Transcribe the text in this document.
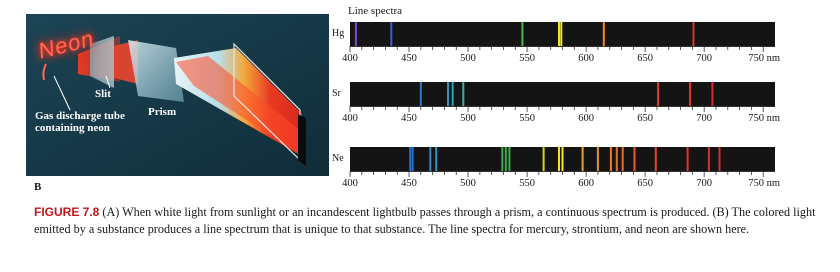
Neon
Slit
Prism
Gas discharge tube
containing neon
B
Line spectra
Hg
400	450	500	550	600	650	700	750 nm
Sr
400	450	500	550	600	650	700	750 nm
Ne
400	450	500	550	600	650	700	750 nm
FIGURE 7.8 (A) When white light from sunlight or an incandescent lightbulb passes through a prism, a continuous spectrum is produced. (B) The colored light emitted by a substance produces a line spectrum that is unique to that substance. The line spectra for mercury, strontium, and neon are shown here.
